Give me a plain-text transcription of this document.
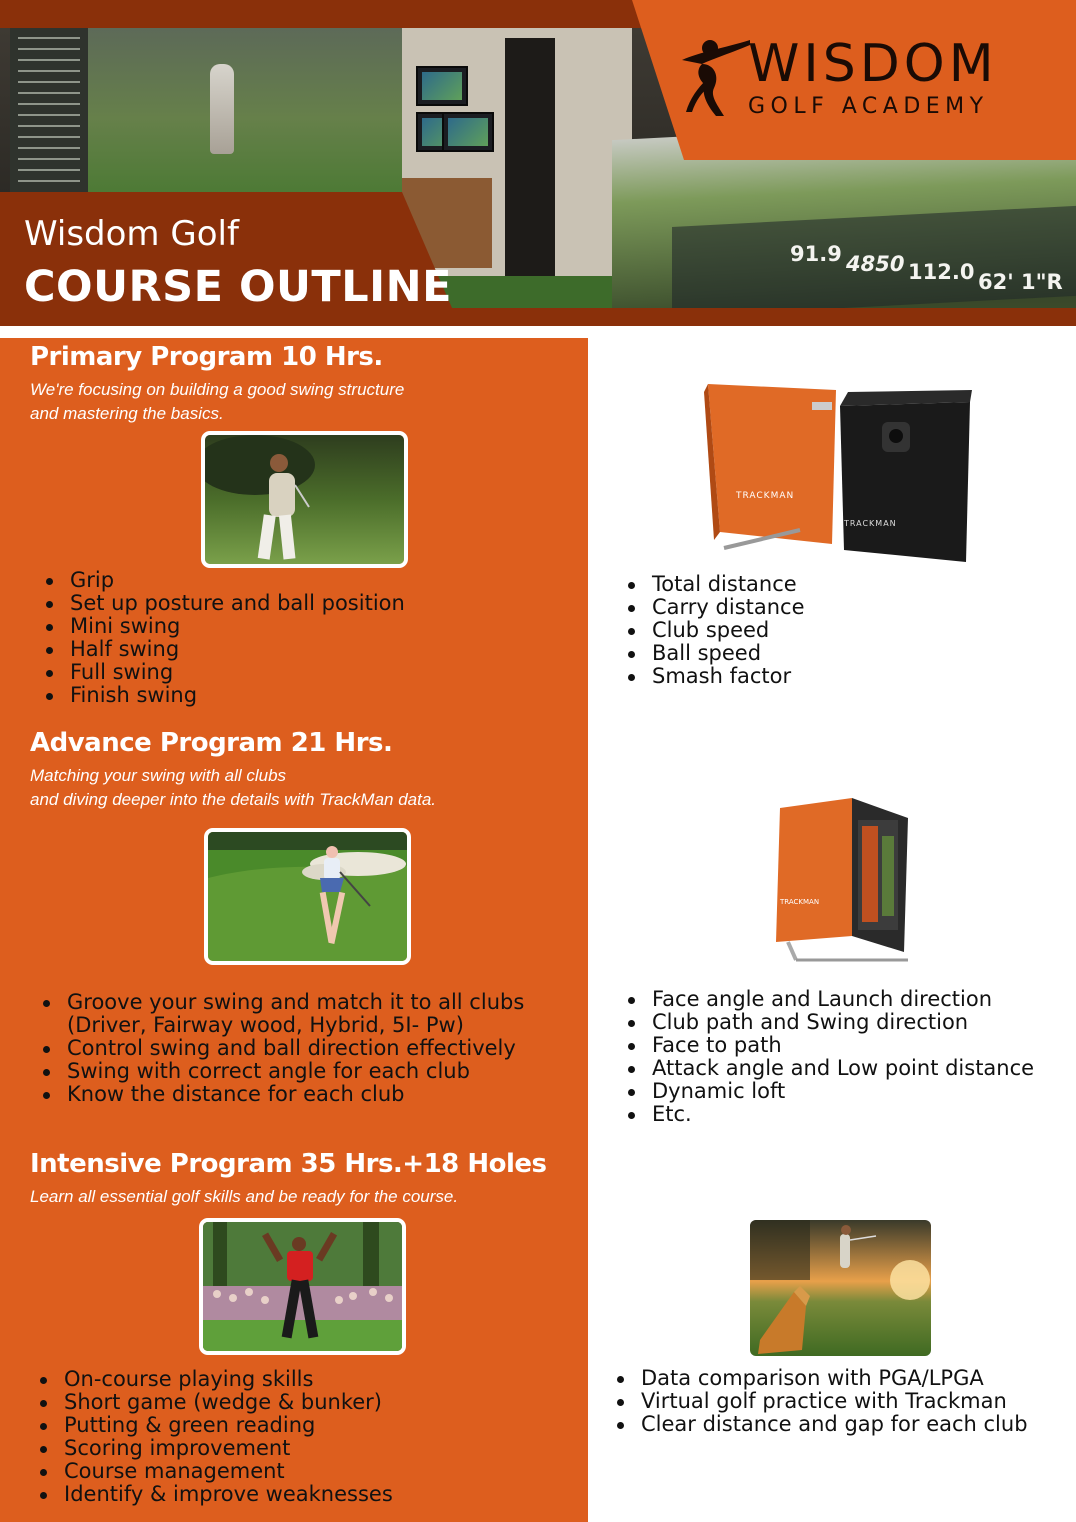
91.9 4850 112.0 62' 1"R
Wisdom Golf
COURSE OUTLINE
WISDOM
GOLF ACADEMY
Primary Program 10 Hrs.
We're focusing on building a good swing structure
and mastering the basics.
Grip
Set up posture and ball position
Mini swing
Half swing
Full swing
Finish swing
Advance Program 21 Hrs.
Matching your swing with all clubs
and diving deeper into the details with TrackMan data.
Groove your swing and match it to all clubs
(Driver, Fairway wood, Hybrid, 5I- Pw)
Control swing and ball direction effectively
Swing with correct angle for each club
Know the distance for each club
Intensive Program 35 Hrs.+18 Holes
Learn all essential golf skills and be ready for the course.
On-course playing skills
Short game (wedge & bunker)
Putting & green reading
Scoring improvement
Course management
Identify & improve weaknesses
TRACKMAN
TRACKMAN
Total distance
Carry distance
Club speed
Ball speed
Smash factor
TRACKMAN
Face angle and Launch direction
Club path and Swing direction
Face to path
Attack angle and Low point distance
Dynamic loft
Etc.
Data comparison with PGA/LPGA
Virtual golf practice with Trackman
Clear distance and gap for each club
